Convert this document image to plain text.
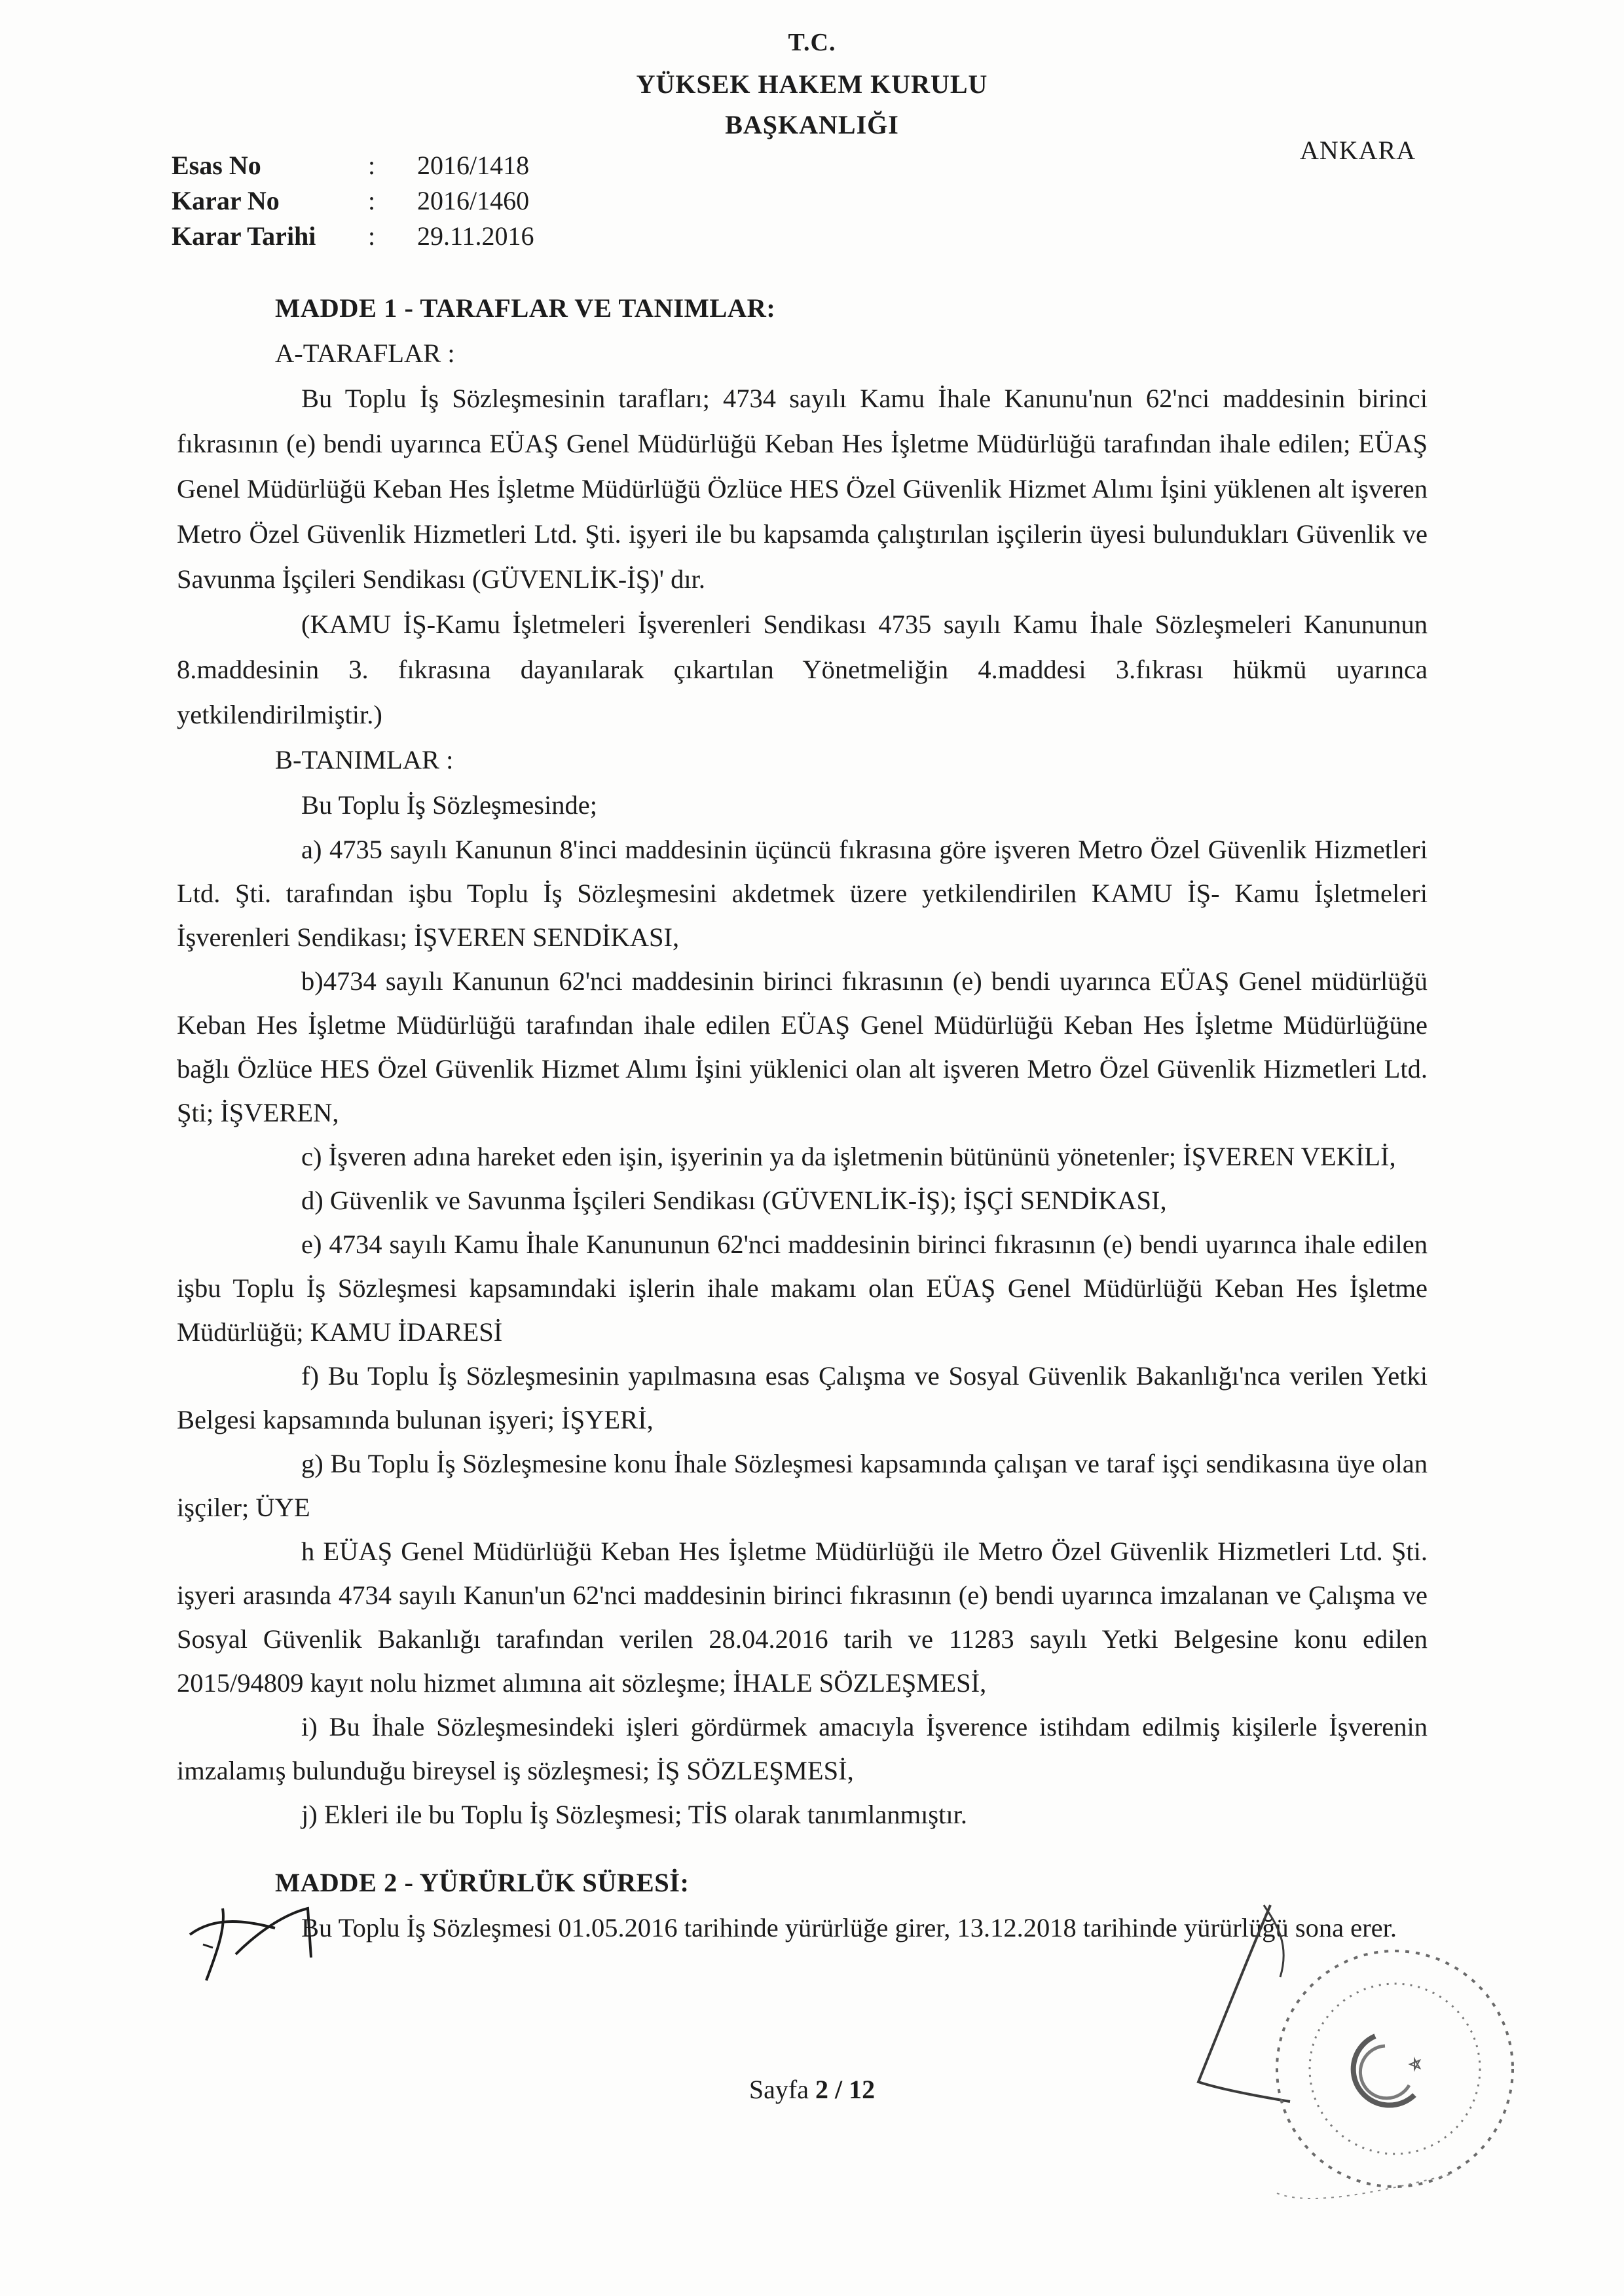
T.C.
YÜKSEK HAKEM KURULU
BAŞKANLIĞI
ANKARA
Esas No	:	2016/1418
Karar No	:	2016/1460
Karar Tarihi	:	29.11.2016
MADDE 1 - TARAFLAR VE TANIMLAR:
A-TARAFLAR :

Bu Toplu İş Sözleşmesinin tarafları; 4734 sayılı Kamu İhale Kanunu'nun 62'nci maddesinin birinci fıkrasının (e) bendi uyarınca EÜAŞ Genel Müdürlüğü Keban Hes İşletme Müdürlüğü tarafından ihale edilen; EÜAŞ Genel Müdürlüğü Keban Hes İşletme Müdürlüğü Özlüce HES Özel Güvenlik Hizmet Alımı İşini yüklenen alt işveren Metro Özel Güvenlik Hizmetleri Ltd. Şti. işyeri ile bu kapsamda çalıştırılan işçilerin üyesi bulundukları Güvenlik ve Savunma İşçileri Sendikası (GÜVENLİK-İŞ)' dır.

(KAMU İŞ-Kamu İşletmeleri İşverenleri Sendikası 4735 sayılı Kamu İhale Sözleşmeleri Kanununun 8.maddesinin 3. fıkrasına dayanılarak çıkartılan Yönetmeliğin 4.maddesi 3.fıkrası hükmü uyarınca yetkilendirilmiştir.)

B-TANIMLAR :

Bu Toplu İş Sözleşmesinde;

a) 4735 sayılı Kanunun 8'inci maddesinin üçüncü fıkrasına göre işveren Metro Özel Güvenlik Hizmetleri Ltd. Şti. tarafından işbu Toplu İş Sözleşmesini akdetmek üzere yetkilendirilen KAMU İŞ- Kamu İşletmeleri İşverenleri Sendikası; İŞVEREN SENDİKASI,

b)4734 sayılı Kanunun 62'nci maddesinin birinci fıkrasının (e) bendi uyarınca EÜAŞ Genel müdürlüğü Keban Hes İşletme Müdürlüğü tarafından ihale edilen EÜAŞ Genel Müdürlüğü Keban Hes İşletme Müdürlüğüne bağlı Özlüce HES Özel Güvenlik Hizmet Alımı İşini yüklenici olan alt işveren Metro Özel Güvenlik Hizmetleri Ltd. Şti; İŞVEREN,

c) İşveren adına hareket eden işin, işyerinin ya da işletmenin bütününü yönetenler; İŞVEREN VEKİLİ,

d) Güvenlik ve Savunma İşçileri Sendikası (GÜVENLİK-İŞ); İŞÇİ SENDİKASI,

e) 4734 sayılı Kamu İhale Kanununun 62'nci maddesinin birinci fıkrasının (e) bendi uyarınca ihale edilen işbu Toplu İş Sözleşmesi kapsamındaki işlerin ihale makamı olan EÜAŞ Genel Müdürlüğü Keban Hes İşletme Müdürlüğü; KAMU İDARESİ

f) Bu Toplu İş Sözleşmesinin yapılmasına esas Çalışma ve Sosyal Güvenlik Bakanlığı'nca verilen Yetki Belgesi kapsamında bulunan işyeri; İŞYERİ,

g) Bu Toplu İş Sözleşmesine konu İhale Sözleşmesi kapsamında çalışan ve taraf işçi sendikasına üye olan işçiler; ÜYE

h EÜAŞ Genel Müdürlüğü Keban Hes İşletme Müdürlüğü ile Metro Özel Güvenlik Hizmetleri Ltd. Şti. işyeri arasında 4734 sayılı Kanun'un 62'nci maddesinin birinci fıkrasının (e) bendi uyarınca imzalanan ve Çalışma ve Sosyal Güvenlik Bakanlığı tarafından verilen 28.04.2016 tarih ve 11283 sayılı Yetki Belgesine konu edilen 2015/94809 kayıt nolu hizmet alımına ait sözleşme; İHALE SÖZLEŞMESİ,

i) Bu İhale Sözleşmesindeki işleri gördürmek amacıyla İşverence istihdam edilmiş kişilerle İşverenin imzalamış bulunduğu bireysel iş sözleşmesi; İŞ SÖZLEŞMESİ,

j) Ekleri ile bu Toplu İş Sözleşmesi; TİS olarak tanımlanmıştır.

MADDE 2 - YÜRÜRLÜK SÜRESİ:

Bu Toplu İş Sözleşmesi 01.05.2016 tarihinde yürürlüğe girer, 13.12.2018 tarihinde yürürlüğü sona erer.

Sayfa 2 / 12
